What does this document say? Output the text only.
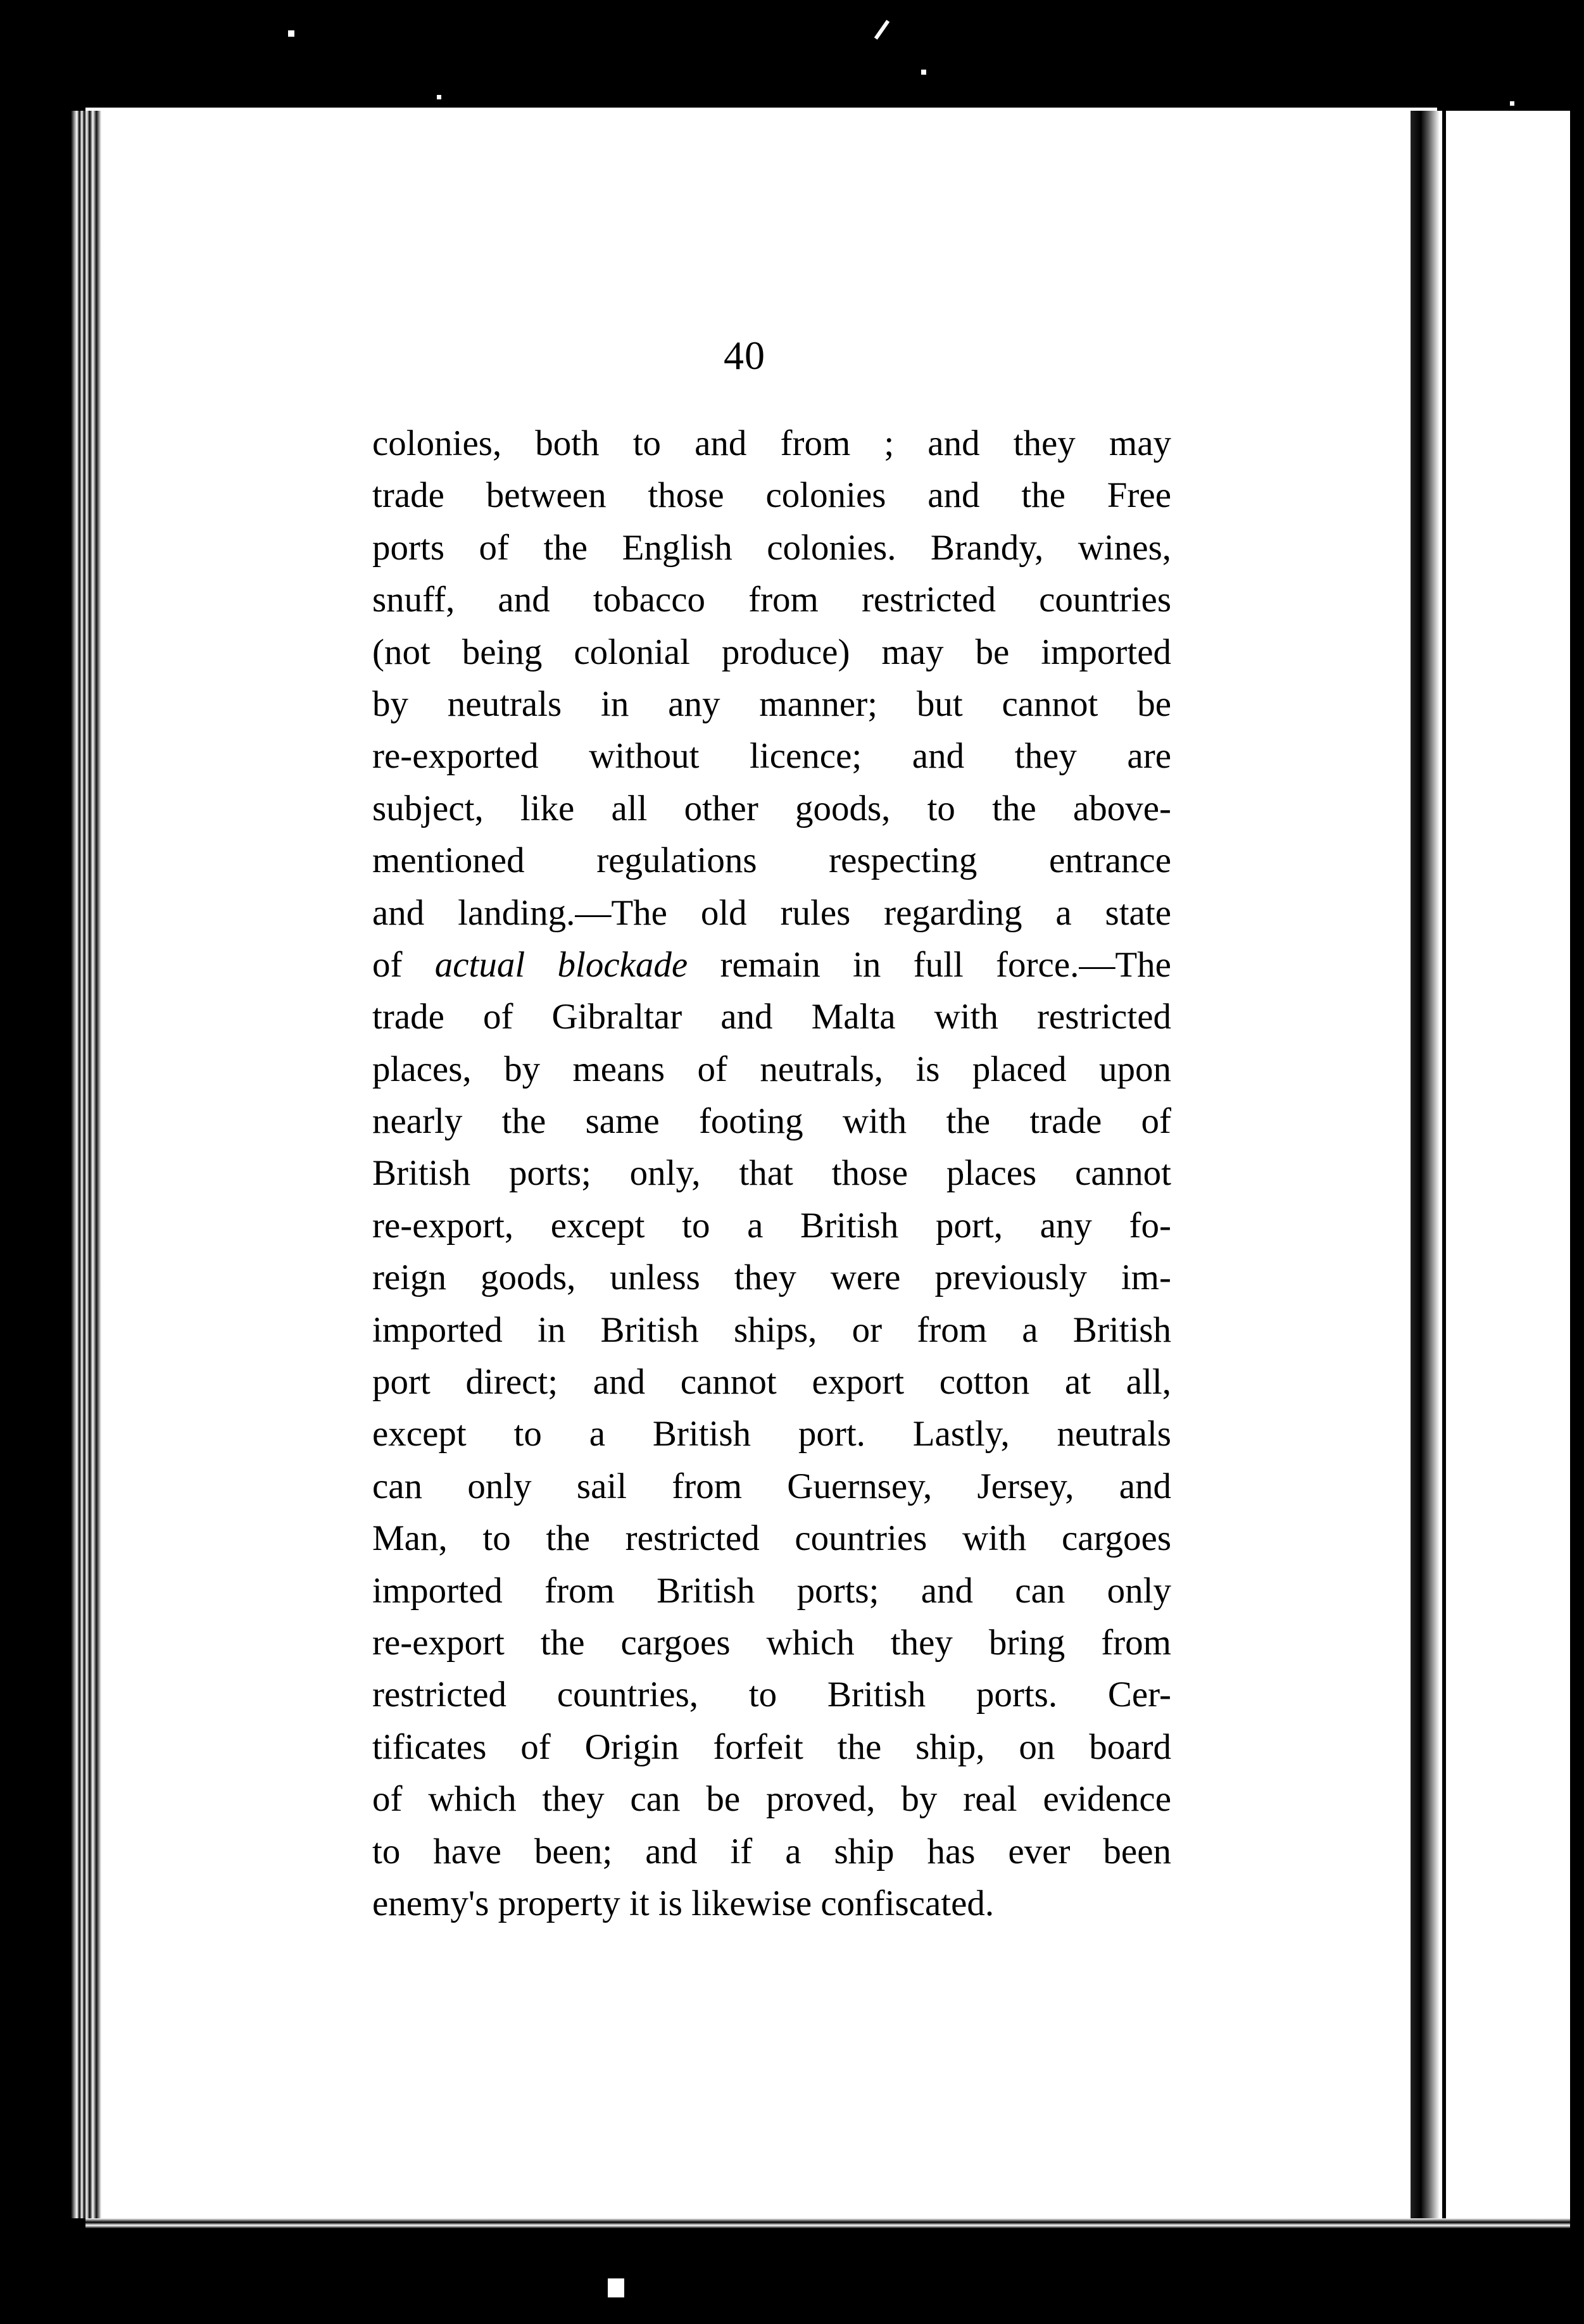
40
colonies, both to and from ; and they may
trade between those colonies and the Free
ports of the English colonies. Brandy, wines,
snuff, and tobacco from restricted countries
(not being colonial produce) may be imported
by neutrals in any manner; but cannot be
re-exported without licence; and they are
subject, like all other goods, to the above-
mentioned regulations respecting entrance
and landing.—The old rules regarding a state
of actual blockade remain in full force.—The
trade of Gibraltar and Malta with restricted
places, by means of neutrals, is placed upon
nearly the same footing with the trade of
British ports; only, that those places cannot
re-export, except to a British port, any fo-
reign goods, unless they were previously im-
imported in British ships, or from a British
port direct; and cannot export cotton at all,
except to a British port. Lastly, neutrals
can only sail from Guernsey, Jersey, and
Man, to the restricted countries with cargoes
imported from British ports; and can only
re-export the cargoes which they bring from
restricted countries, to British ports. Cer-
tificates of Origin forfeit the ship, on board
of which they can be proved, by real evidence
to have been; and if a ship has ever been
enemy's property it is likewise confiscated.
